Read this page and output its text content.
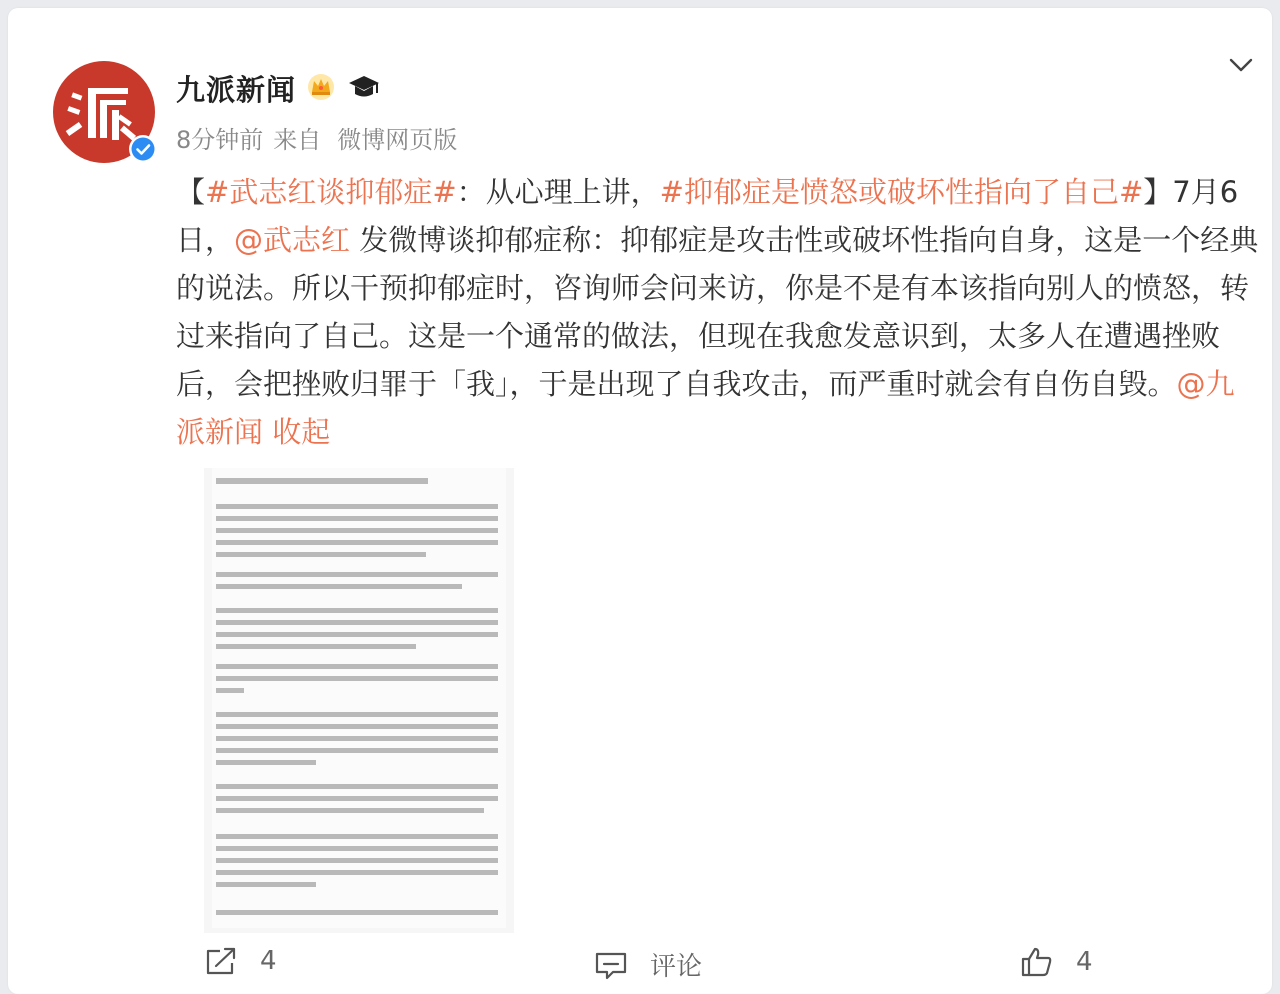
九派新闻
8分钟前 来自 微博网页版
【#武志红谈抑郁症#：从心理上讲，#抑郁症是愤怒或破坏性指向了自己#】7月6日，@武志红 发微博谈抑郁症称：抑郁症是攻击性或破坏性指向自身，这是一个经典的说法。所以干预抑郁症时，咨询师会问来访，你是不是有本该指向别人的愤怒，转过来指向了自己。这是一个通常的做法，但现在我愈发意识到，太多人在遭遇挫败后，会把挫败归罪于「我」，于是出现了自我攻击，而严重时就会有自伤自毁。@九派新闻 收起
4	评论	4
